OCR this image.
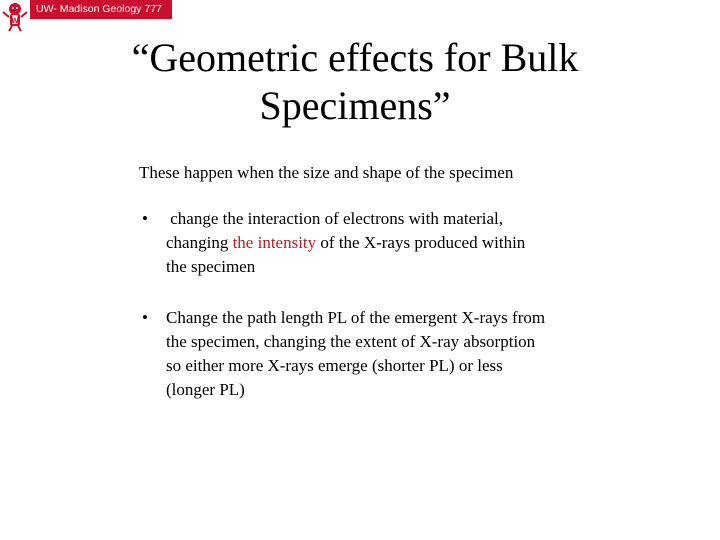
W
UW- Madison Geology 777
“Geometric effects for Bulk
Specimens”

These happen when the size and shape of the specimen

• change the interaction of electrons with material,
changing the intensity of the X-rays produced within
the specimen
• Change the path length PL of the emergent X-rays from
the specimen, changing the extent of X-ray absorption
so either more X-rays emerge (shorter PL) or less
(longer PL)
